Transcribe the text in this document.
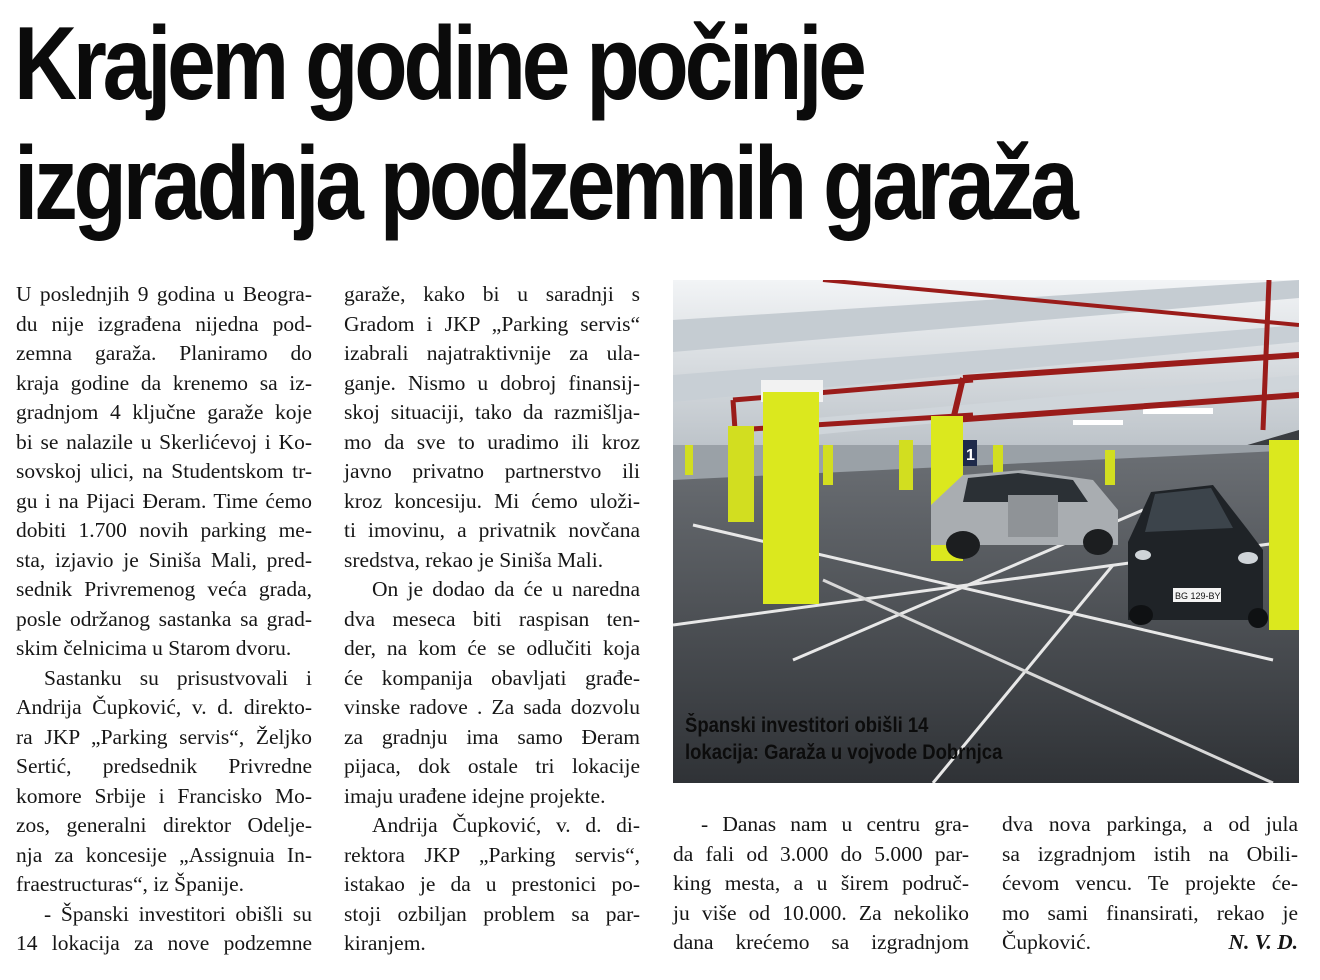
Krajem godine počinje
izgradnja podzemnih garaža

U poslednjih 9 godina u Beogra-
du nije izgrađena nijedna pod-
zemna garaža. Planiramo do
kraja godine da krenemo sa iz-
gradnjom 4 ključne garaže koje
bi se nalazile u Skerlićevoj i Ko-
sovskoj ulici, na Studentskom tr-
gu i na Pijaci Đeram. Time ćemo
dobiti 1.700 novih parking me-
sta, izjavio je Siniša Mali, pred-
sednik Privremenog veća grada,
posle održanog sastanka sa grad-
skim čelnicima u Starom dvoru.

Sastanku su prisustvovali i
Andrija Čupković, v. d. direkto-
ra JKP „Parking servis“, Željko
Sertić, predsednik Privredne
komore Srbije i Francisko Mo-
zos, generalni direktor Odelje-
nja za koncesije „Assignuia In-
fraestructuras“, iz Španije.

- Španski investitori obišli su
14 lokacija za nove podzemne

garaže, kako bi u saradnji s
Gradom i JKP „Parking servis“
izabrali najatraktivnije za ula-
ganje. Nismo u dobroj finansij-
skoj situaciji, tako da razmišlja-
mo da sve to uradimo ili kroz
javno privatno partnerstvo ili
kroz koncesiju. Mi ćemo uloži-
ti imovinu, a privatnik novčana
sredstva, rekao je Siniša Mali.

On je dodao da će u naredna
dva meseca biti raspisan ten-
der, na kom će se odlučiti koja
će kompanija obavljati građe-
vinske radove . Za sada dozvolu
za gradnju ima samo Đeram
pijaca, dok ostale tri lokacije
imaju urađene idejne projekte.

Andrija Čupković, v. d. di-
rektora JKP „Parking servis“,
istakao je da u prestonici po-
stoji ozbiljan problem sa par-
kiranjem.

1
BG 129-BY
Španski investitori obišli 14
lokacija: Garaža u vojvode Dobrnjca

- Danas nam u centru gra-
da fali od 3.000 do 5.000 par-
king mesta, a u širem područ-
ju više od 10.000. Za nekoliko
dana krećemo sa izgradnjom

dva nova parkinga, a od jula
sa izgradnjom istih na Obili-
ćevom vencu. Te projekte će-
mo sami finansirati, rekao je
Čupković.	N. V. D.
